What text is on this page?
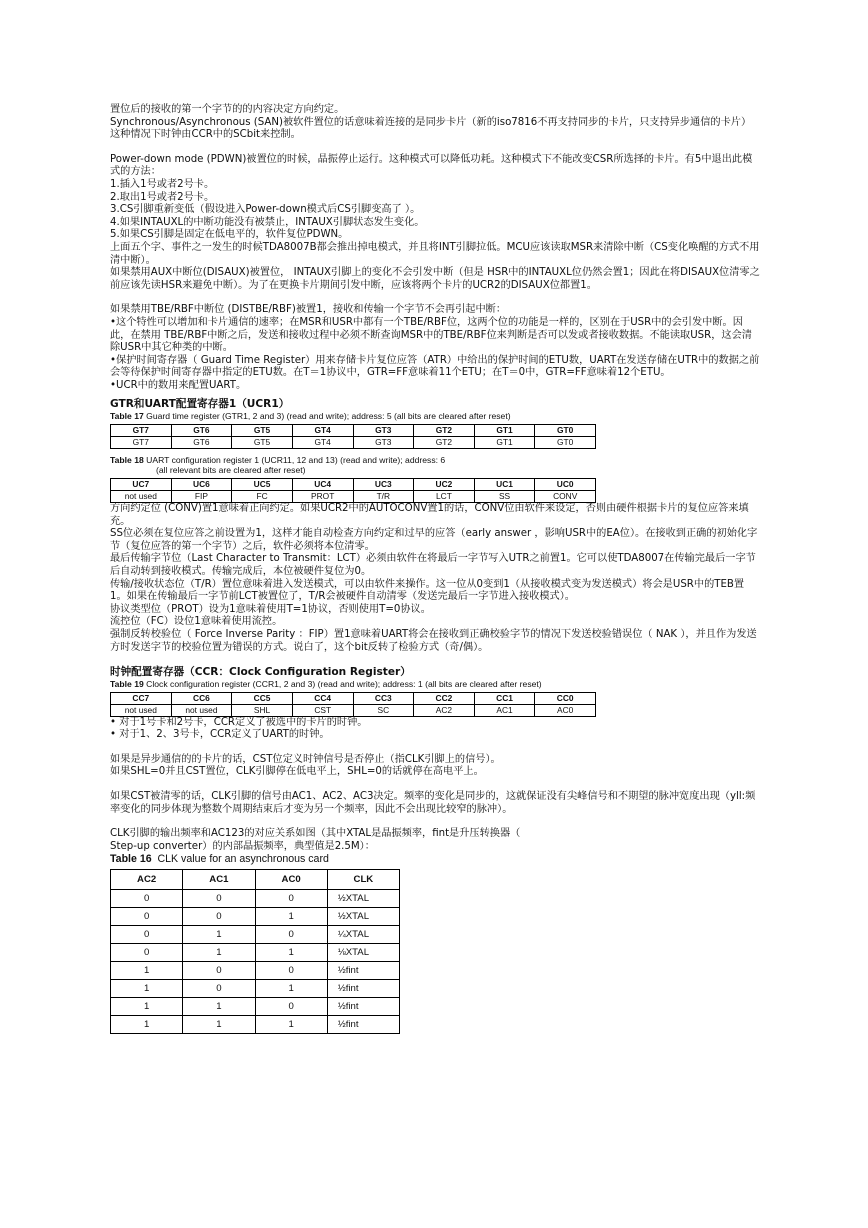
置位后的接收的第一个字节的的内容决定方向约定。

Synchronous/Asynchronous (SAN)被软件置位的话意味着连接的是同步卡片（新的iso7816不再支持同步的卡片，只支持异步通信的卡片）这种情况下时钟由CCR中的SCbit来控制。

Power-down mode (PDWN)被置位的时候，晶振停止运行。这种模式可以降低功耗。这种模式下不能改变CSR所选择的卡片。有5中退出此模式的方法：

1.插入1号或者2号卡。

2.取出1号或者2号卡。

3.CS引脚重新变低（假设进入Power-down模式后CS引脚变高了 ）。

4.如果INTAUXL的中断功能没有被禁止，INTAUX引脚状态发生变化。

5.如果CS引脚是固定在低电平的，软件复位PDWN。

上面五个字、事件之一发生的时候TDA8007B都会推出掉电模式，并且将INT引脚拉低。MCU应该读取MSR来清除中断（CS变化唤醒的方式不用清中断）。

如果禁用AUX中断位(DISAUX)被置位， INTAUX引脚上的变化不会引发中断（但是 HSR中的INTAUXL位仍然会置1；因此在将DISAUX位清零之前应该先读HSR来避免中断）。为了在更换卡片期间引发中断，应该将两个卡片的UCR2的DISAUX位都置1。

如果禁用TBE/RBF中断位 (DISTBE/RBF)被置1，接收和传输一个字节不会再引起中断：

•这个特性可以增加和卡片通信的速率；在MSR和USR中都有一个TBE/RBF位，这两个位的功能是一样的，区别在于USR中的会引发中断。因此，在禁用 TBE/RBF中断之后，发送和接收过程中必须不断查询MSR中的TBE/RBF位来判断是否可以发或者接收数据。不能读取USR，这会清除USR中其它种类的中断。

•保护时间寄存器（ Guard Time Register）用来存储卡片复位应答（ATR）中给出的保护时间的ETU数，UART在发送存储在UTR中的数据之前会等待保护时间寄存器中指定的ETU数。在T＝1协议中，GTR=FF意味着11个ETU；在T＝0中，GTR=FF意味着12个ETU。

•UCR中的数用来配置UART。

GTR和UART配置寄存器1（UCR1）

Table 17 Guard time register (GTR1, 2 and 3) (read and write); address: 5 (all bits are cleared after reset)

GT7	GT6	GT5	GT4	GT3	GT2	GT1	GT0
GT7	GT6	GT5	GT4	GT3	GT2	GT1	GT0

Table 18 UART configuration register 1 (UCR11, 12 and 13) (read and write); address: 6

(all relevant bits are cleared after reset)

UC7	UC6	UC5	UC4	UC3	UC2	UC1	UC0
not used	FIP	FC	PROT	T/R	LCT	SS	CONV

方向约定位 (CONV)置1意味着正向约定。如果UCR2中的AUTOCONV置1的话，CONV位由软件来设定，否则由硬件根据卡片的复位应答来填充。

SS位必须在复位应答之前设置为1，这样才能自动检查方向约定和过早的应答（early answer ，影响USR中的EA位）。在接收到正确的初始化字节（复位应答的第一个字节）之后，软件必须将本位清零。

最后传输字节位（Last Character to Transmit：LCT）必须由软件在将最后一字节写入UTR之前置1。它可以使TDA8007在传输完最后一字节后自动转到接收模式。传输完成后，本位被硬件复位为0。

传输/接收状态位（T/R）置位意味着进入发送模式，可以由软件来操作。这一位从0变到1（从接收模式变为发送模式）将会是USR中的TEB置1。如果在传输最后一字节前LCT被置位了，T/R会被硬件自动清零（发送完最后一字节进入接收模式）。

协议类型位（PROT）设为1意味着使用T=1协议，否则使用T=0协议。

流控位（FC）设位1意味着使用流控。

强制反转校验位（ Force Inverse Parity ：FIP）置1意味着UART将会在接收到正确校验字节的情况下发送校验错误位（ NAK ），并且作为发送方时发送字节的校验位置为错误的方式。说白了，这个bit反转了检验方式（奇/偶）。

时钟配置寄存器（CCR：Clock Configuration Register）

Table 19 Clock configuration register (CCR1, 2 and 3) (read and write); address: 1 (all bits are cleared after reset)

CC7	CC6	CC5	CC4	CC3	CC2	CC1	CC0
not used	not used	SHL	CST	SC	AC2	AC1	AC0

• 对于1号卡和2号卡，CCR定义了被选中的卡片的时钟。

• 对于1、2、3号卡，CCR定义了UART的时钟。

如果是异步通信的的卡片的话，CST位定义时钟信号是否停止（指CLK引脚上的信号）。

如果SHL=0并且CST置位，CLK引脚停在低电平上，SHL=0的话就停在高电平上。

如果CST被清零的话，CLK引脚的信号由AC1、AC2、AC3决定。频率的变化是同步的，这就保证没有尖峰信号和不期望的脉冲宽度出现（yll:频率变化的同步体现为整数个周期结束后才变为另一个频率，因此不会出现比较窄的脉冲）。

CLK引脚的输出频率和AC123的对应关系如图（其中XTAL是晶振频率，fint是升压转换器（

Step-up converter）的内部晶振频率，典型值是2.5M）：

Table 16 CLK value for an asynchronous card

AC2	AC1	AC0	CLK
0	0	0	½XTAL
0	0	1	½XTAL
0	1	0	¼XTAL
0	1	1	⅛XTAL
1	0	0	½fint
1	0	1	½fint
1	1	0	½fint
1	1	1	½fint
